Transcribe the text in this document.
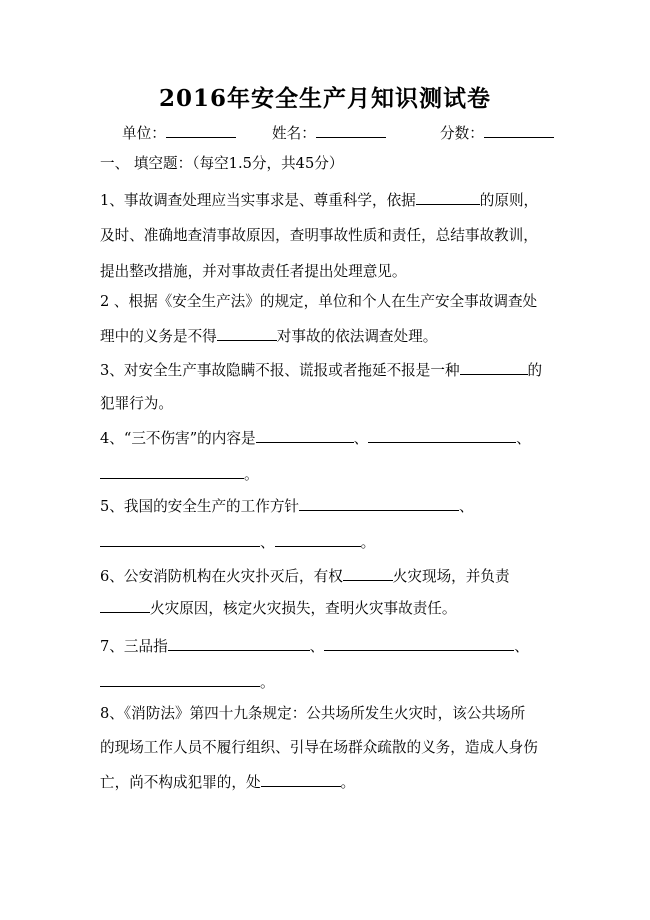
2016年安全生产月知识测试卷
单位：	姓名：	分数：
一、 填空题：（每空1.5分，共45分）
1、事故调查处理应当实事求是、尊重科学，依据	的原则，
及时、准确地查清事故原因，查明事故性质和责任，总结事故教训，
提出整改措施，并对事故责任者提出处理意见。
2 、根据《安全生产法》的规定，单位和个人在生产安全事故调查处
理中的义务是不得	对事故的依法调查处理。
3、对安全生产事故隐瞒不报、谎报或者拖延不报是一种	的
犯罪行为。
4、“三不伤害”的内容是	、	、
。
5、我国的安全生产的工作方针	、
、	。
6、公安消防机构在火灾扑灭后，有权	火灾现场，并负责
火灾原因，核定火灾损失，查明火灾事故责任。
7、三品指	、	、
。
8、《消防法》第四十九条规定：公共场所发生火灾时，该公共场所
的现场工作人员不履行组织、引导在场群众疏散的义务，造成人身伤
亡，尚不构成犯罪的，处	。
